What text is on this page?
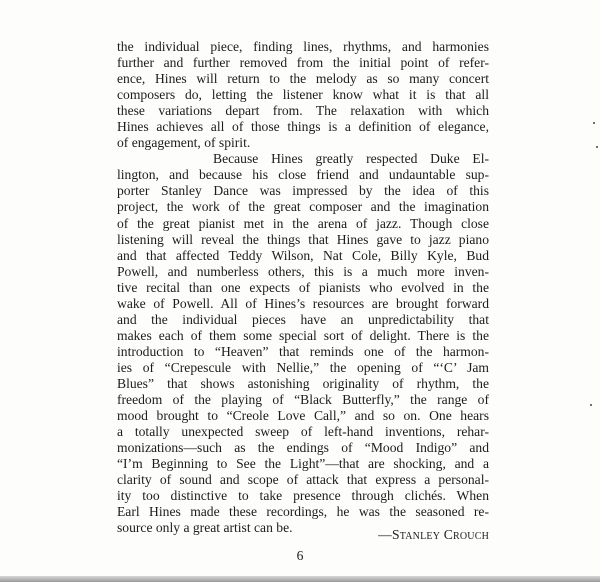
the individual piece, finding lines, rhythms, and harmonies
further and further removed from the initial point of refer-
ence, Hines will return to the melody as so many concert
composers do, letting the listener know what it is that all
these variations depart from. The relaxation with which
Hines achieves all of those things is a definition of elegance,
of engagement, of spirit.
Because Hines greatly respected Duke El-
lington, and because his close friend and undauntable sup-
porter Stanley Dance was impressed by the idea of this
project, the work of the great composer and the imagination
of the great pianist met in the arena of jazz. Though close
listening will reveal the things that Hines gave to jazz piano
and that affected Teddy Wilson, Nat Cole, Billy Kyle, Bud
Powell, and numberless others, this is a much more inven-
tive recital than one expects of pianists who evolved in the
wake of Powell. All of Hines’s resources are brought forward
and the individual pieces have an unpredictability that
makes each of them some special sort of delight. There is the
introduction to “Heaven” that reminds one of the harmon-
ies of “Crepescule with Nellie,” the opening of “‘C’ Jam
Blues” that shows astonishing originality of rhythm, the
freedom of the playing of “Black Butterfly,” the range of
mood brought to “Creole Love Call,” and so on. One hears
a totally unexpected sweep of left-hand inventions, rehar-
monizations—such as the endings of “Mood Indigo” and
“I’m Beginning to See the Light”—that are shocking, and a
clarity of sound and scope of attack that express a personal-
ity too distinctive to take presence through clichés. When
Earl Hines made these recordings, he was the seasoned re-
source only a great artist can be.	—Stanley Crouch
6
